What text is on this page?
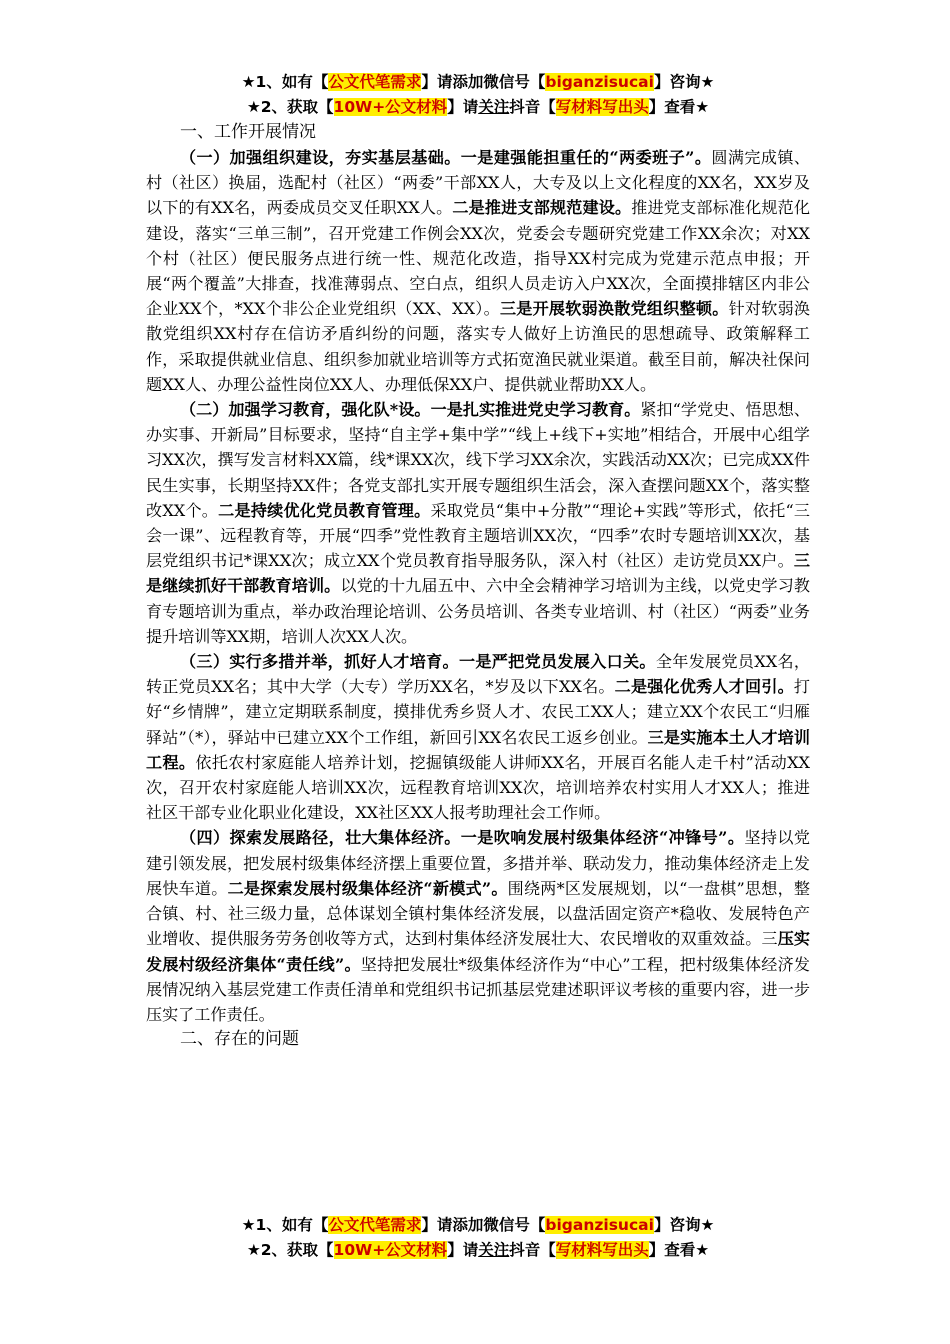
★1、如有【公文代笔需求】请添加微信号【biganzisucai】咨询★
★2、获取【10W+公文材料】请关注抖音【写材料写出头】查看★
一、工作开展情况

（一）加强组织建设，夯实基层基础。一是建强能担重任的“两委班子”。圆满完成镇、村（社区）换届，选配村（社区）“两委”干部XX人，大专及以上文化程度的XX名，XX岁及以下的有XX名，两委成员交叉任职XX人。二是推进支部规范建设。推进党支部标准化规范化建设，落实“三单三制”，召开党建工作例会XX次，党委会专题研究党建工作XX余次；对XX个村（社区）便民服务点进行统一性、规范化改造，指导XX村完成为党建示范点申报；开展“两个覆盖”大排查，找准薄弱点、空白点，组织人员走访入户XX次，全面摸排辖区内非公企业XX个，*XX个非公企业党组织（XX、XX）。三是开展软弱涣散党组织整顿。针对软弱涣散党组织XX村存在信访矛盾纠纷的问题，落实专人做好上访渔民的思想疏导、政策解释工作，采取提供就业信息、组织参加就业培训等方式拓宽渔民就业渠道。截至目前，解决社保问题XX人、办理公益性岗位XX人、办理低保XX户、提供就业帮助XX人。

（二）加强学习教育，强化队*设。一是扎实推进党史学习教育。紧扣“学党史、悟思想、办实事、开新局”目标要求，坚持“自主学+集中学”“线上+线下+实地”相结合，开展中心组学习XX次，撰写发言材料XX篇，线*课XX次，线下学习XX余次，实践活动XX次；已完成XX件民生实事，长期坚持XX件；各党支部扎实开展专题组织生活会，深入查摆问题XX个，落实整改XX个。二是持续优化党员教育管理。采取党员“集中+分散”“理论+实践”等形式，依托“三会一课”、远程教育等，开展“四季”党性教育主题培训XX次，“四季”农时专题培训XX次，基层党组织书记*课XX次；成立XX个党员教育指导服务队，深入村（社区）走访党员XX户。三是继续抓好干部教育培训。以党的十九届五中、六中全会精神学习培训为主线，以党史学习教育专题培训为重点，举办政治理论培训、公务员培训、各类专业培训、村（社区）“两委”业务提升培训等XX期，培训人次XX人次。

（三）实行多措并举，抓好人才培育。一是严把党员发展入口关。全年发展党员XX名，转正党员XX名；其中大学（大专）学历XX名，*岁及以下XX名。二是强化优秀人才回引。打好“乡情牌”，建立定期联系制度，摸排优秀乡贤人才、农民工XX人；建立XX个农民工“归雁驿站”（*），驿站中已建立XX个工作组，新回引XX名农民工返乡创业。三是实施本土人才培训工程。依托农村家庭能人培养计划，挖掘镇级能人讲师XX名，开展百名能人走千村”活动XX次，召开农村家庭能人培训XX次，远程教育培训XX次，培训培养农村实用人才XX人；推进社区干部专业化职业化建设，XX社区XX人报考助理社会工作师。

（四）探索发展路径，壮大集体经济。一是吹响发展村级集体经济“冲锋号”。坚持以党建引领发展，把发展村级集体经济摆上重要位置，多措并举、联动发力，推动集体经济走上发展快车道。二是探索发展村级集体经济“新模式”。围绕两*区发展规划，以“一盘棋”思想，整合镇、村、社三级力量，总体谋划全镇村集体经济发展，以盘活固定资产*稳收、发展特色产业增收、提供服务劳务创收等方式，达到村集体经济发展壮大、农民增收的双重效益。三压实发展村级经济集体“责任线”。坚持把发展壮*级集体经济作为“中心”工程，把村级集体经济发展情况纳入基层党建工作责任清单和党组织书记抓基层党建述职评议考核的重要内容，进一步压实了工作责任。

二、存在的问题
★1、如有【公文代笔需求】请添加微信号【biganzisucai】咨询★
★2、获取【10W+公文材料】请关注抖音【写材料写出头】查看★
